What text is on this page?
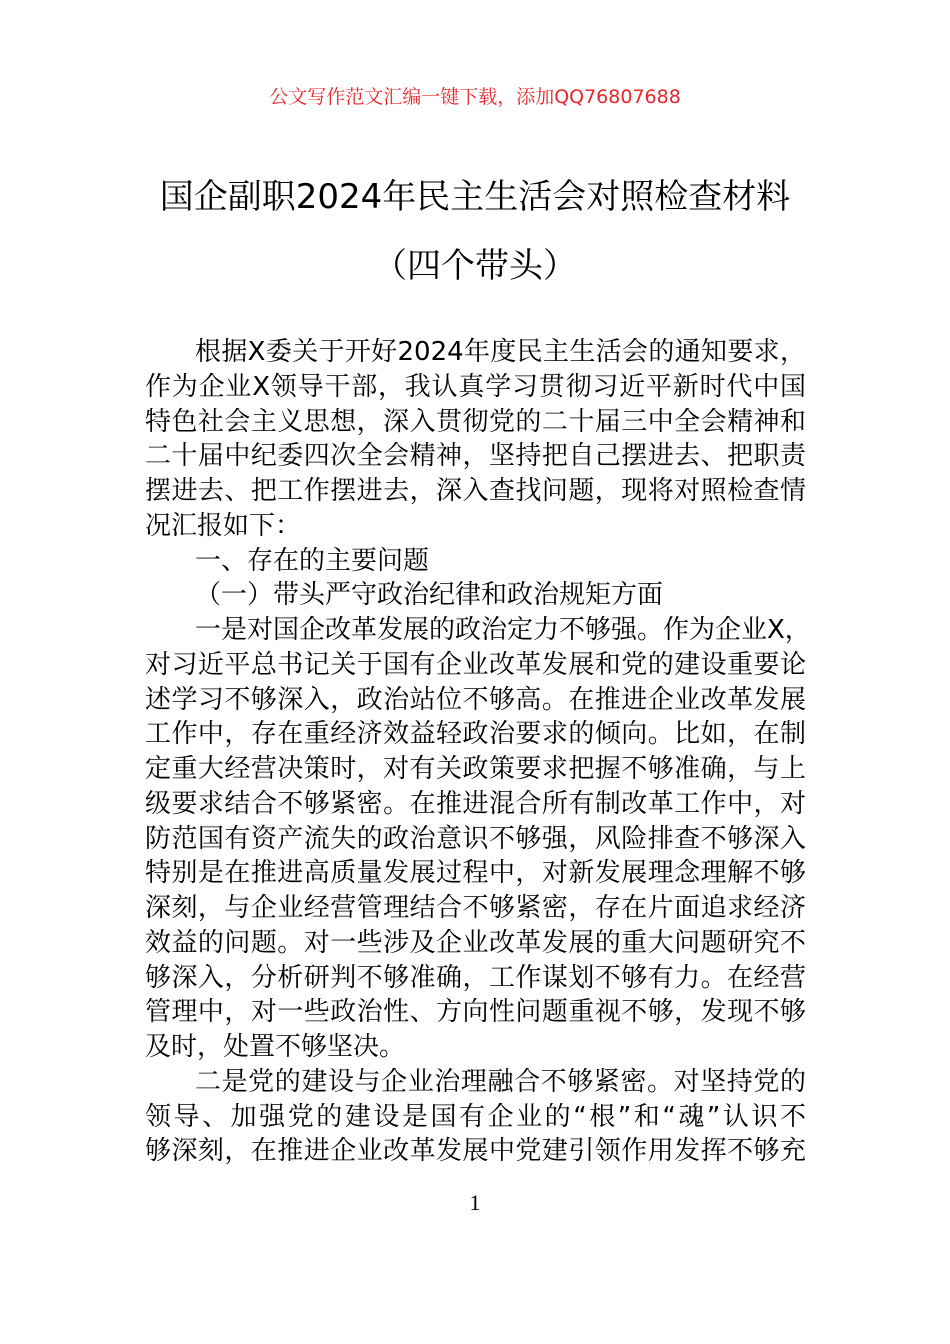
公文写作范文汇编一键下载，添加QQ76807688
国企副职2024年民主生活会对照检查材料
（四个带头）
根据X委关于开好2024年度民主生活会的通知要求，
作为企业X领导干部，我认真学习贯彻习近平新时代中国
特色社会主义思想，深入贯彻党的二十届三中全会精神和
二十届中纪委四次全会精神，坚持把自己摆进去、把职责
摆进去、把工作摆进去，深入查找问题，现将对照检查情
况汇报如下：
一、存在的主要问题
（一）带头严守政治纪律和政治规矩方面
一是对国企改革发展的政治定力不够强。作为企业X，
对习近平总书记关于国有企业改革发展和党的建设重要论
述学习不够深入，政治站位不够高。在推进企业改革发展
工作中，存在重经济效益轻政治要求的倾向。比如，在制
定重大经营决策时，对有关政策要求把握不够准确，与上
级要求结合不够紧密。在推进混合所有制改革工作中，对
防范国有资产流失的政治意识不够强，风险排查不够深入
特别是在推进高质量发展过程中，对新发展理念理解不够
深刻，与企业经营管理结合不够紧密，存在片面追求经济
效益的问题。对一些涉及企业改革发展的重大问题研究不
够深入，分析研判不够准确，工作谋划不够有力。在经营
管理中，对一些政治性、方向性问题重视不够，发现不够
及时，处置不够坚决。
二是党的建设与企业治理融合不够紧密。对坚持党的
领导、加强党的建设是国有企业的“根”和“魂”认识不
够深刻，在推进企业改革发展中党建引领作用发挥不够充
1
